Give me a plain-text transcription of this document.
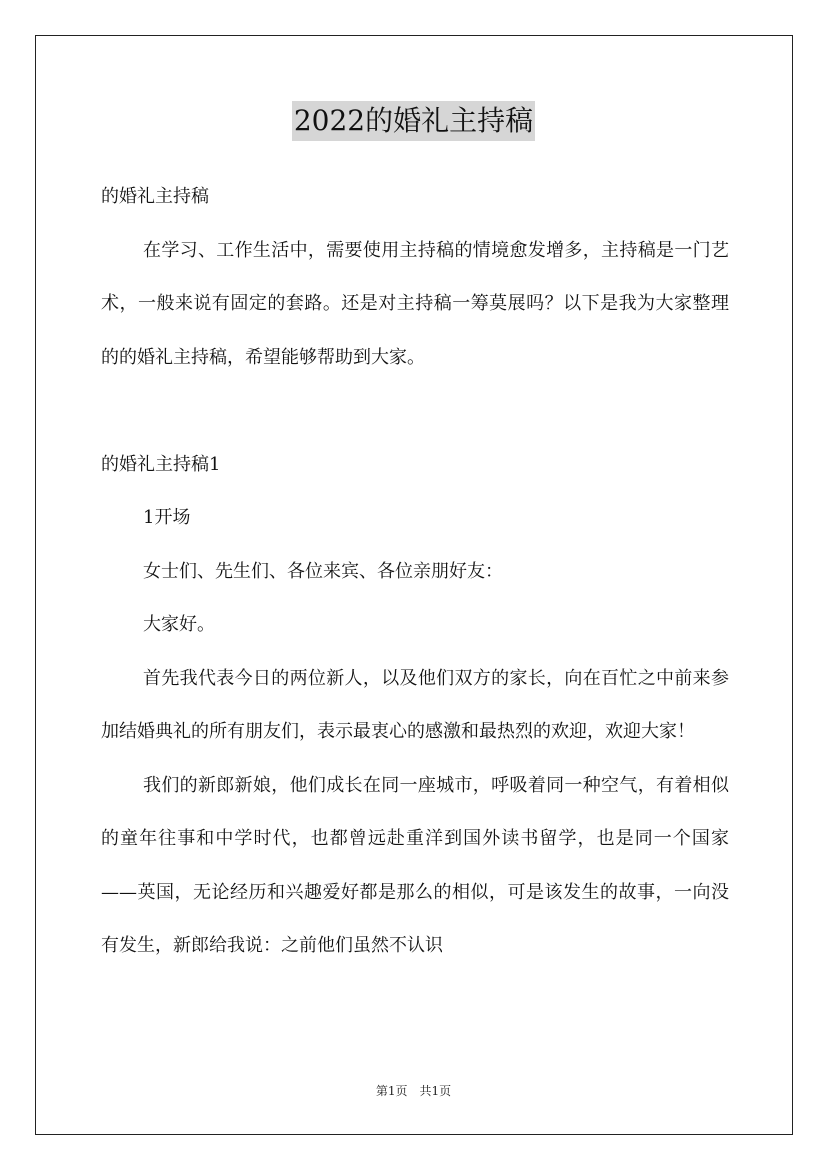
2022的婚礼主持稿

的婚礼主持稿

在学习、工作生活中，需要使用主持稿的情境愈发增多，主持稿是一门艺术，一般来说有固定的套路。还是对主持稿一筹莫展吗？以下是我为大家整理的的婚礼主持稿，希望能够帮助到大家。

的婚礼主持稿1

1开场

女士们、先生们、各位来宾、各位亲朋好友：

大家好。

首先我代表今日的两位新人，以及他们双方的家长，向在百忙之中前来参加结婚典礼的所有朋友们，表示最衷心的感激和最热烈的欢迎，欢迎大家！

我们的新郎新娘，他们成长在同一座城市，呼吸着同一种空气，有着相似的童年往事和中学时代，也都曾远赴重洋到国外读书留学，也是同一个国家——英国，无论经历和兴趣爱好都是那么的相似，可是该发生的故事，一向没有发生，新郎给我说：之前他们虽然不认识

第1页　共1页
